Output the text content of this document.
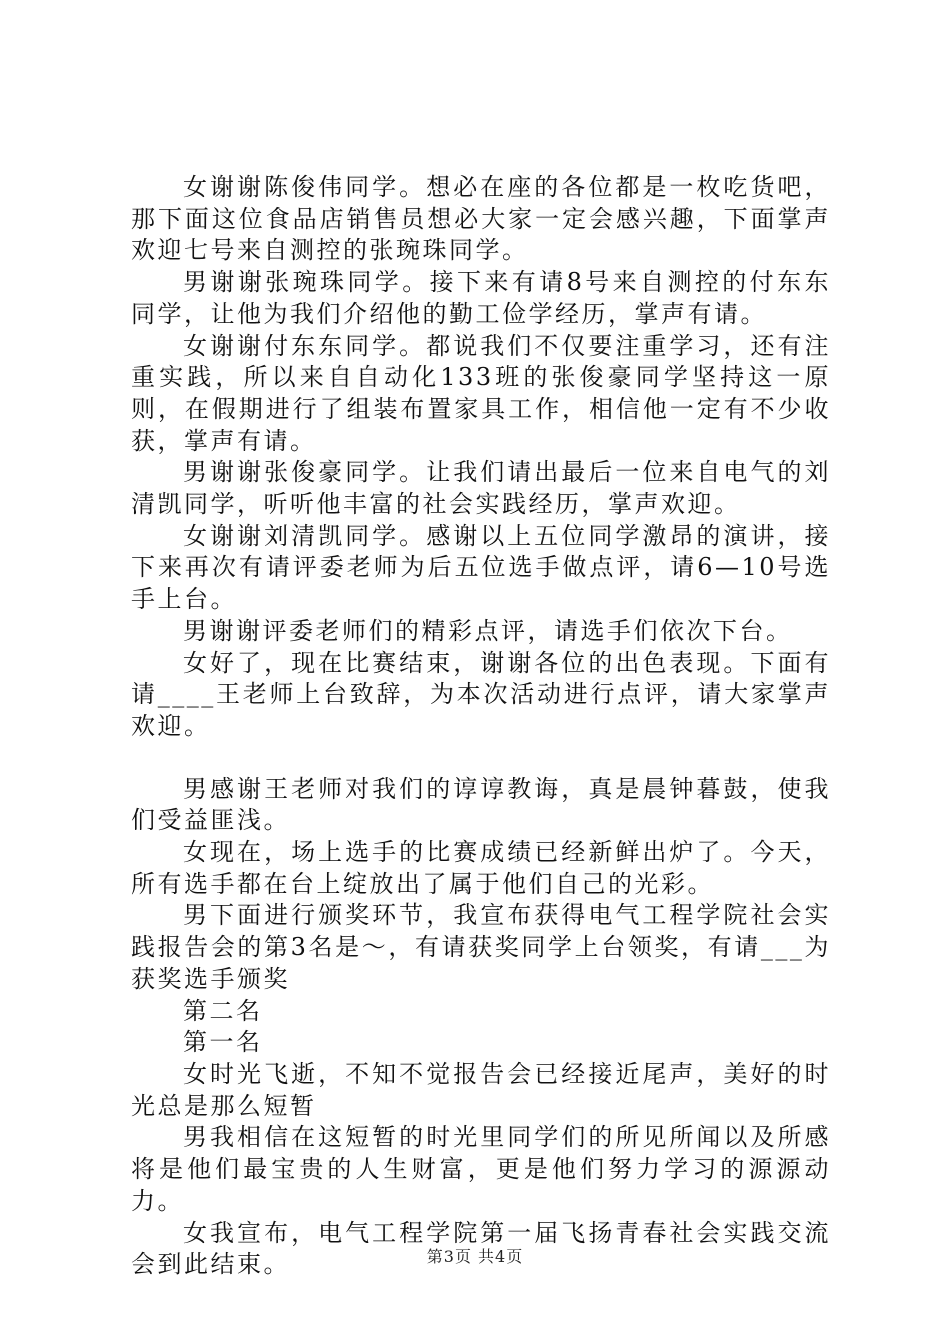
女谢谢陈俊伟同学。想必在座的各位都是一枚吃货吧，那下面这位食品店销售员想必大家一定会感兴趣，下面掌声欢迎七号来自测控的张琬珠同学。

男谢谢张琬珠同学。接下来有请8号来自测控的付东东同学，让他为我们介绍他的勤工俭学经历，掌声有请。

女谢谢付东东同学。都说我们不仅要注重学习，还有注重实践，所以来自自动化133班的张俊豪同学坚持这一原则，在假期进行了组装布置家具工作，相信他一定有不少收获，掌声有请。

男谢谢张俊豪同学。让我们请出最后一位来自电气的刘清凯同学，听听他丰富的社会实践经历，掌声欢迎。

女谢谢刘清凯同学。感谢以上五位同学激昂的演讲，接下来再次有请评委老师为后五位选手做点评，请6—10号选手上台。

男谢谢评委老师们的精彩点评，请选手们依次下台。

女好了，现在比赛结束，谢谢各位的出色表现。下面有请____王老师上台致辞，为本次活动进行点评，请大家掌声欢迎。

男感谢王老师对我们的谆谆教诲，真是晨钟暮鼓，使我们受益匪浅。

女现在，场上选手的比赛成绩已经新鲜出炉了。今天，所有选手都在台上绽放出了属于他们自己的光彩。

男下面进行颁奖环节，我宣布获得电气工程学院社会实践报告会的第3名是～，有请获奖同学上台领奖，有请___为获奖选手颁奖

第二名

第一名

女时光飞逝，不知不觉报告会已经接近尾声，美好的时光总是那么短暂

男我相信在这短暂的时光里同学们的所见所闻以及所感将是他们最宝贵的人生财富，更是他们努力学习的源源动力。

女我宣布，电气工程学院第一届飞扬青春社会实践交流会到此结束。	第3页 共4页
